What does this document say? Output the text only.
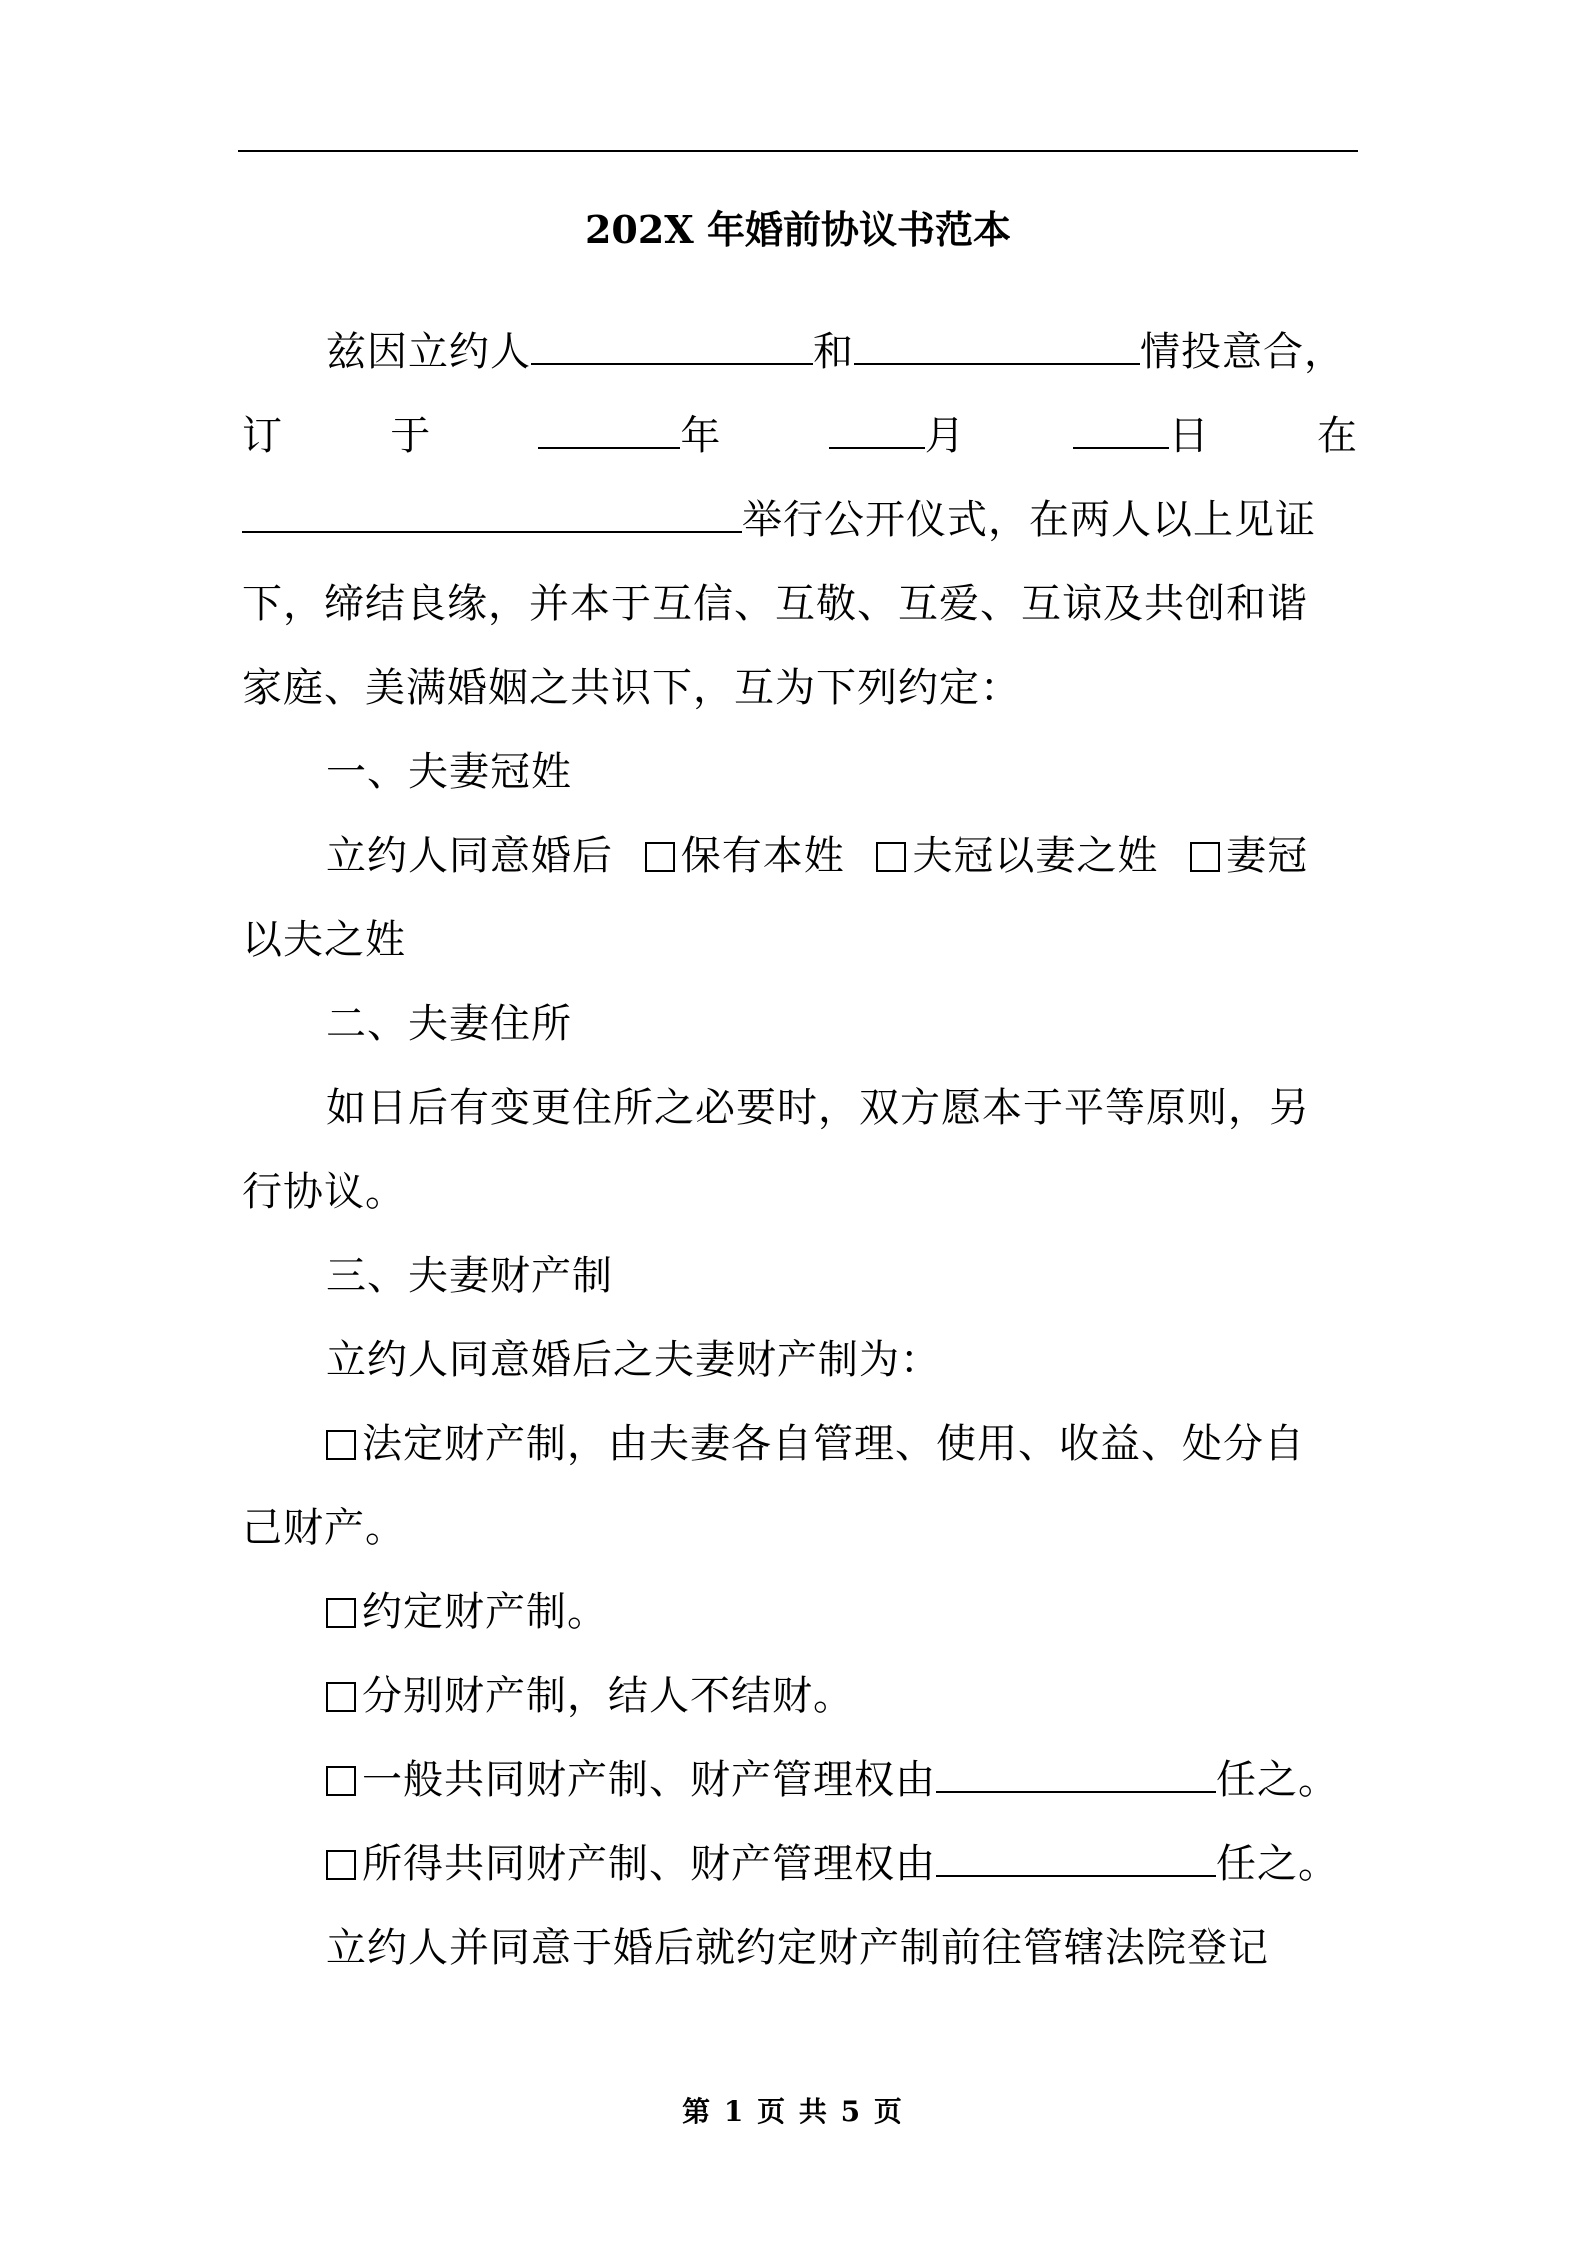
202X 年婚前协议书范本
兹因立约人	和	情投意合，
订	于	年	月	日	在
举行公开仪式，在两人以上见证
下，缔结良缘，并本于互信、互敬、互爱、互谅及共创和谐
家庭、美满婚姻之共识下，互为下列约定：
一、夫妻冠姓
立约人同意婚后 保有本姓 夫冠以妻之姓 妻冠
以夫之姓
二、夫妻住所
如日后有变更住所之必要时，双方愿本于平等原则，另
行协议。
三、夫妻财产制
立约人同意婚后之夫妻财产制为：
法定财产制，由夫妻各自管理、使用、收益、处分自
己财产。
约定财产制。
分别财产制，结人不结财。
一般共同财产制、财产管理权由	任之。
所得共同财产制、财产管理权由	任之。
立约人并同意于婚后就约定财产制前往管辖法院登记
第 1 页 共 5 页
